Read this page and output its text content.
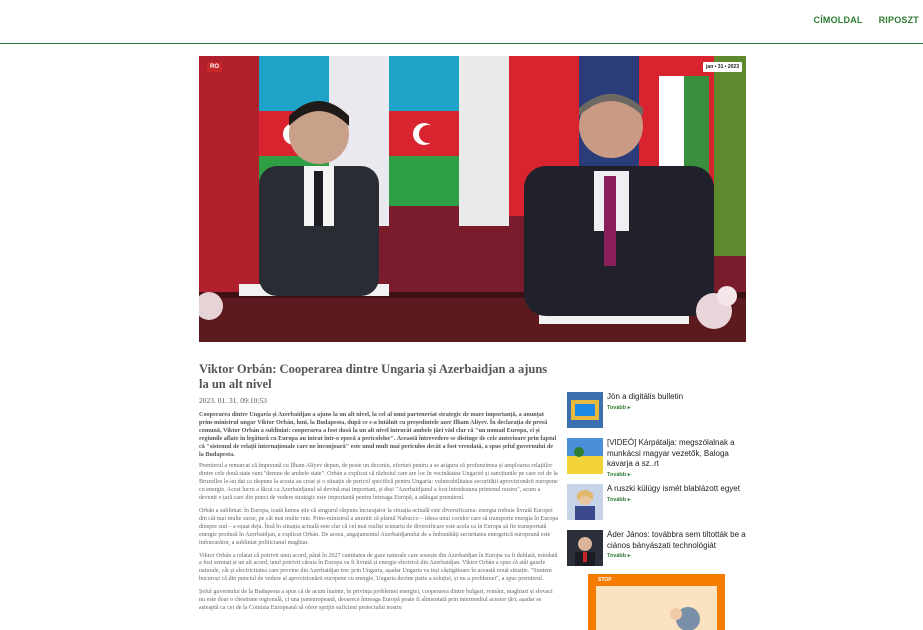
CÍMOLDAL RIPOSZT
RO	jan • 31 • 2023
Viktor Orbán: Cooperarea dintre Ungaria și Azerbaidjan a ajuns la un alt nivel
2023. 01. 31. 09:10:53

Cooperarea dintre Ungaria și Azerbaidjan a ajuns la un alt nivel, la cel al unui parteneriat strategic de mare importanță, a anunțat prim-ministrul ungar Viktor Orbán, luni, la Budapesta, după ce s-a întâlnit cu președintele azer Ilham Aliyev. În declarația de presă comună, Viktor Orbán a subliniat: cooperarea a fost dusă la un alt nivel întrucât ambele țări văd clar că "un nomad Europa, ci și regiunile aflate în legătură cu Europa au intrat într-o epocă a pericolelor". Această întrevedere se distinge de cele anterioare prin faptul că "sistemul de relații internaționale care ne înconjoară" este unul mult mai periculos decât a fost vreodată, a spus șeful guvernului de la Budapesta.

Premierul a remarcat că împreună cu Ilham Aliyev depun, de peste un deceniu, eforturi pentru a se asigura că profunzimea și amploarea relațiilor dintre cele două state sunt "demne de ambele state". Orbán a explicat că războiul care are loc în vecinătatea Ungariei și sancțiunile pe care cei de la Bruxelles le-au dat ca răspuns la acesta au creat și o situație de pericol specifică pentru Ungaria: vulnerabilitatea securității aprovizionării europene cu energie. Acest lucru a făcut ca Azerbaidjanul să devină mai important, și deși "Azerbaidjanul a fost întotdeauna prietenul nostru", acum a devenit o țară care din punct de vedere strategic este importantă pentru întreaga Europă, a adăugat premierul.

Orbán a subliniat: în Europa, toată lumea știe că singurul răspuns încurajator la situația actuală este diversificarea: energia trebuie livrată Europei din cât mai multe surse, pe cât mai multe rute. Prim-ministrul a amintit că planul Nabucco – ideea unui coridor care să transporte energia în Europa dinspre sud – a eșuat deja. Însă în situația actuală este clar că cel mai realist scenariu de diversificare este acela ca în Europa să fie transportată energie produsă în Azerbaidjan, a explicat Orbán. De aceea, angajamentul Azerbaidjanului de a îmbunătăți securitatea energetică europeană este imbucurător, a subliniat politicianul maghiar.

Viktor Orbán a relatat că potrivit unui acord, până în 2027 cantitatea de gaze naturale care sosește din Azerbaidjan în Europa va fi dublată, totodată a fost semnat și un alt acord, unul potrivit căruia în Europa va fi livrată și energie electrică din Azerbaidjan. Viktor Orbán a spus că atât gazele naturale, cât și electricitatea care provine din Azerbaidjan trec prin Ungaria, așadar Ungaria va ieși câștigătoare în această nouă situație. "Suntem bucuroși că din punctul de vedere al aprovizionării europene cu energie, Ungaria devine parte a soluției, și nu a problemei", a spus premierul.

Șeful guvernului de la Budapesta a spus că de acum înainte, în privința problemei energiei, cooperarea dintre bulgari, români, maghiari și slovaci nu este doar o chestiune regională, ci una paneuropeană, deoarece întreaga Europă poate fi alimentată prin intermediul acestor țări, așadar se așteaptă ca cei de la Comisia Europeană să ofere sprijin suficient proiectului nostru

Jön a digitális bulletin
Tovább ▸
[VIDEÓ] Kárpátalja: megszólalnak a munkácsi magyar vezetők, Baloga kavarja a sz..rt
Tovább ▸
A ruszki külügy ismét blablázott egyet
Tovább ▸
Áder János: továbbra sem tiltották be a ciános bányászati technológiát
Tovább ▸
STOP
